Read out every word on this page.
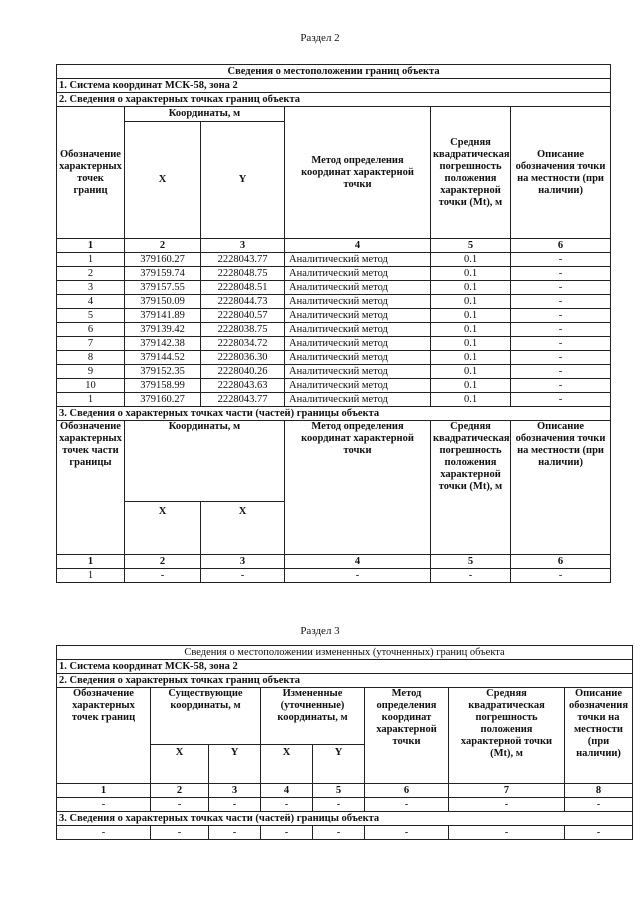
Раздел 2
Сведения о местоположении границ объекта					
1. Система координат МСК-58, зона 2					
2. Сведения о характерных точках границ объекта					
Обозначение характерных точек границ	Координаты, м		Метод определения координат характерной точки	Средняя квадратическая погрешность положения характерной точки (Mt), м	Описание обозначения точки на местности (при наличии)
	X	Y			
1	2	3	4	5	6
1	379160.27	2228043.77	Аналитический метод	0.1	-
2	379159.74	2228048.75	Аналитический метод	0.1	-
3	379157.55	2228048.51	Аналитический метод	0.1	-
4	379150.09	2228044.73	Аналитический метод	0.1	-
5	379141.89	2228040.57	Аналитический метод	0.1	-
6	379139.42	2228038.75	Аналитический метод	0.1	-
7	379142.38	2228034.72	Аналитический метод	0.1	-
8	379144.52	2228036.30	Аналитический метод	0.1	-
9	379152.35	2228040.26	Аналитический метод	0.1	-
10	379158.99	2228043.63	Аналитический метод	0.1	-
1	379160.27	2228043.77	Аналитический метод	0.1	-
3. Сведения о характерных точках части (частей) границы объекта					
Обозначение характерных точек части границы	Координаты, м		Метод определения координат характерной точки	Средняя квадратическая погрешность положения характерной точки (Mt), м	Описание обозначения точки на местности (при наличии)
	X	X			
1	2	3	4	5	6
1	-	-	-	-	-
Раздел 3
Сведения о местоположении измененных (уточненных) границ объекта							
1. Система координат МСК-58, зона 2							
2. Сведения о характерных точках границ объекта							
Обозначение характерных точек границ	Существующие координаты, м		Измененные (уточненные) координаты, м		Метод определения координат характерной точки	Средняя квадратическая погрешность положения характерной точки (Mt), м	Описание обозначения точки на местности (при наличии)
	X	Y	X	Y			
1	2	3	4	5	6	7	8
-	-	-	-	-	-	-	-
3. Сведения о характерных точках части (частей) границы объекта							
-	-	-	-	-	-	-	-
